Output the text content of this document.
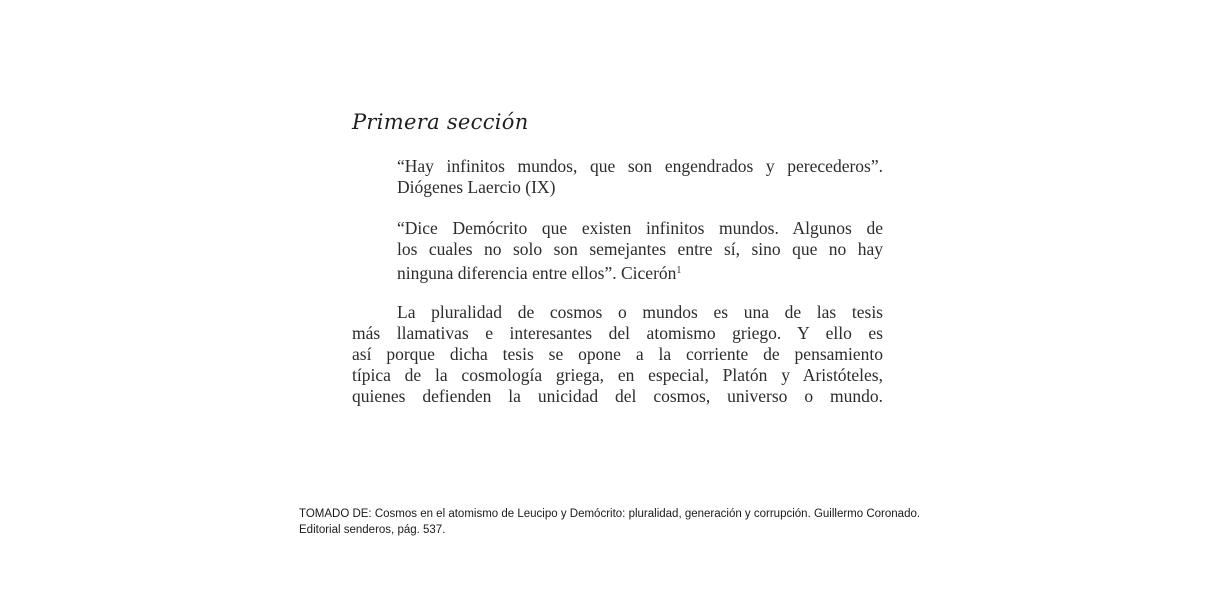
Primera sección
“Hay infinitos mundos, que son engendrados y perecederos”.
Diógenes Laercio (IX)
“Dice Demócrito que existen infinitos mundos. Algunos de
los cuales no solo son semejantes entre sí, sino que no hay
ninguna diferencia entre ellos”. Cicerón$^1$
La pluralidad de cosmos o mundos es una de las tesis
más llamativas e interesantes del atomismo griego. Y ello es
así porque dicha tesis se opone a la corriente de pensamiento
típica de la cosmología griega, en especial, Platón y Aristóteles,
quienes defienden la unicidad del cosmos, universo o mundo.
TOMADO DE: Cosmos en el atomismo de Leucipo y Demócrito: pluralidad, generación y corrupción. Guillermo Coronado.
Editorial senderos, pág. 537.
